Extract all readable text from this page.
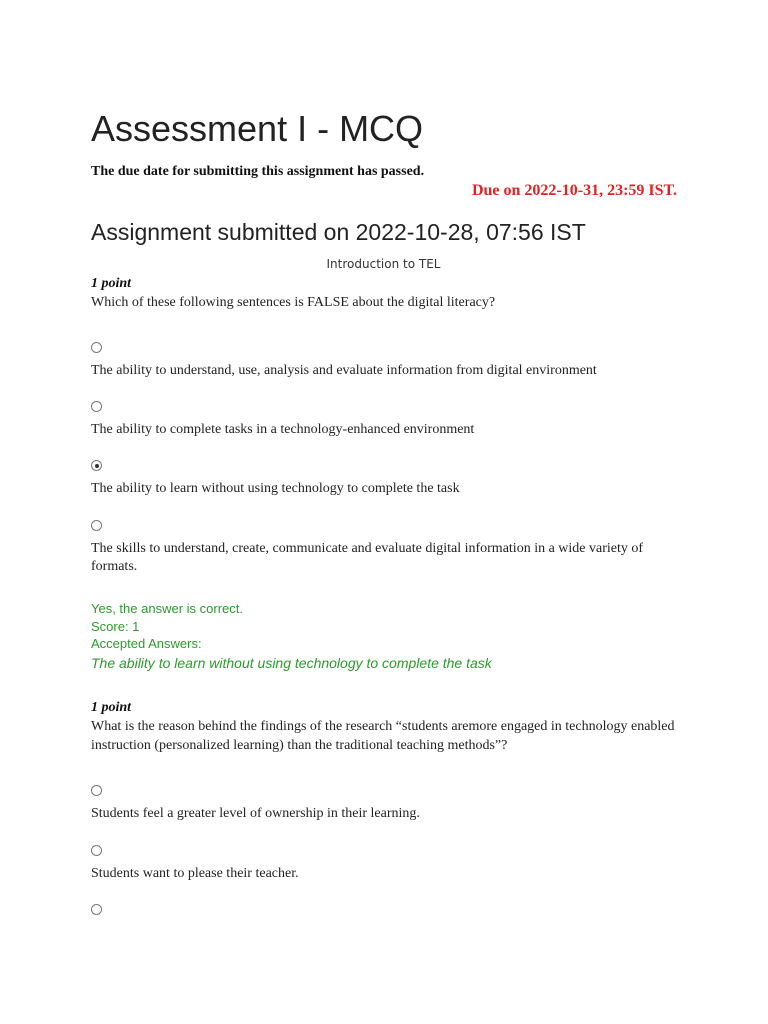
Assessment I - MCQ
The due date for submitting this assignment has passed.
Due on 2022-10-31, 23:59 IST.
Assignment submitted on 2022-10-28, 07:56 IST
Introduction to TEL
1 point
Which of these following sentences is FALSE about the digital literacy?
The ability to understand, use, analysis and evaluate information from digital environment
The ability to complete tasks in a technology-enhanced environment
The ability to learn without using technology to complete the task
The skills to understand, create, communicate and evaluate digital information in a wide variety of formats.
Yes, the answer is correct.
Score: 1
Accepted Answers:
The ability to learn without using technology to complete the task
1 point
What is the reason behind the findings of the research “students aremore engaged in technology enabled instruction (personalized learning) than the traditional teaching methods”?
Students feel a greater level of ownership in their learning.
Students want to please their teacher.
